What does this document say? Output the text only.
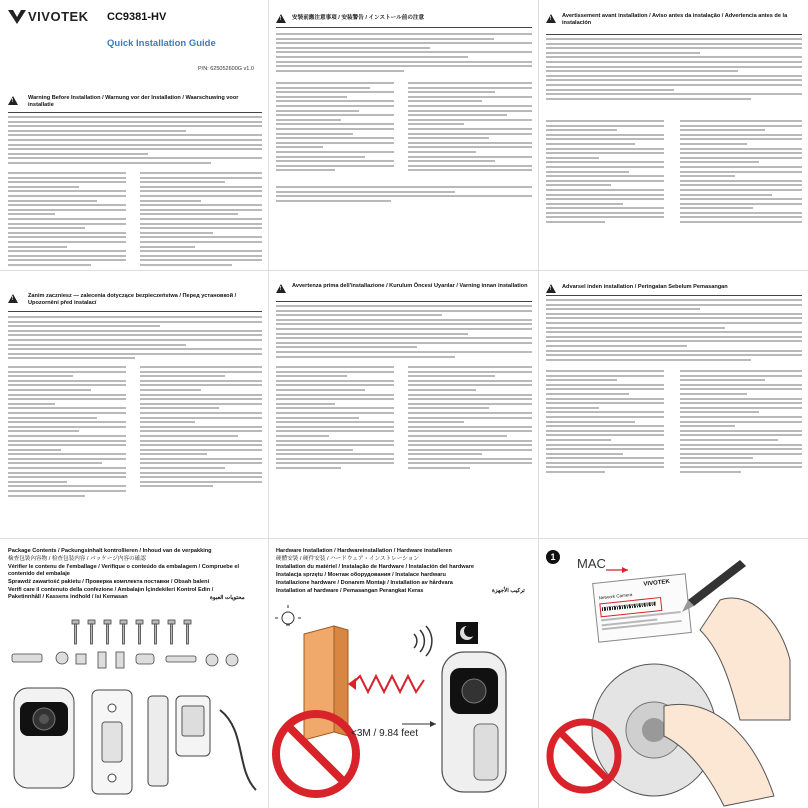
VIVOTEK CC9381-HV
Quick Installation Guide
P/N: 625052600G v1.0
!
Warning Before Installation / Warnung vor der Installation / Waarschuwing voor installatie
!
安裝前應注意事項 / 安装警告 / インストール前の注意 !	Avertissement avant installation / Aviso antes da instalação / Advertencia antes de la instalación
!
Zanim zaczniesz — zalecenia dotyczące bezpieczeństwa / Перед установкой / Upozornění před instalací
!
Avvertenza prima dell'installazione / Kurulum Öncesi Uyarılar / Varning innan installation !	Advarsel inden installation / Peringatan Sebelum Pemasangan
Package Contents / Packungsinhalt kontrollieren / Inhoud van de verpakking
檢查包裝內容物 / 检查包装内容 / パッケージ内容の確認
Vérifier le contenu de l'emballage / Verifique o conteúdo da embalagem / Compruebe el contenido del embalaje
Sprawdź zawartość pakietu / Проверка комплекта поставки / Obsah balení
Verifi care il contenuto della confezione / Ambalajın İçindekileri Kontrol Edin / Paketinnhåll / Kassens indhold / Isi Kemasan	محتويات العبوة
Hardware Installation / Hardwareinstallation / Hardware installeren
硬體安裝 / 硬件安装 / ハードウェア・インストレーション
Installation du matériel / Instalação de Hardware / Instalación del hardware
Instalacja sprzętu / Монтаж оборудования / Instalace hardwaru
Installazione hardware / Donanım Montajı / Installation av hårdvara
Installation af hardware / Pemasangan Perangkat Keras	تركيب الأجهزة
<3M / 9.84 feet
1	MAC
VIVOTEK
Network Camera
